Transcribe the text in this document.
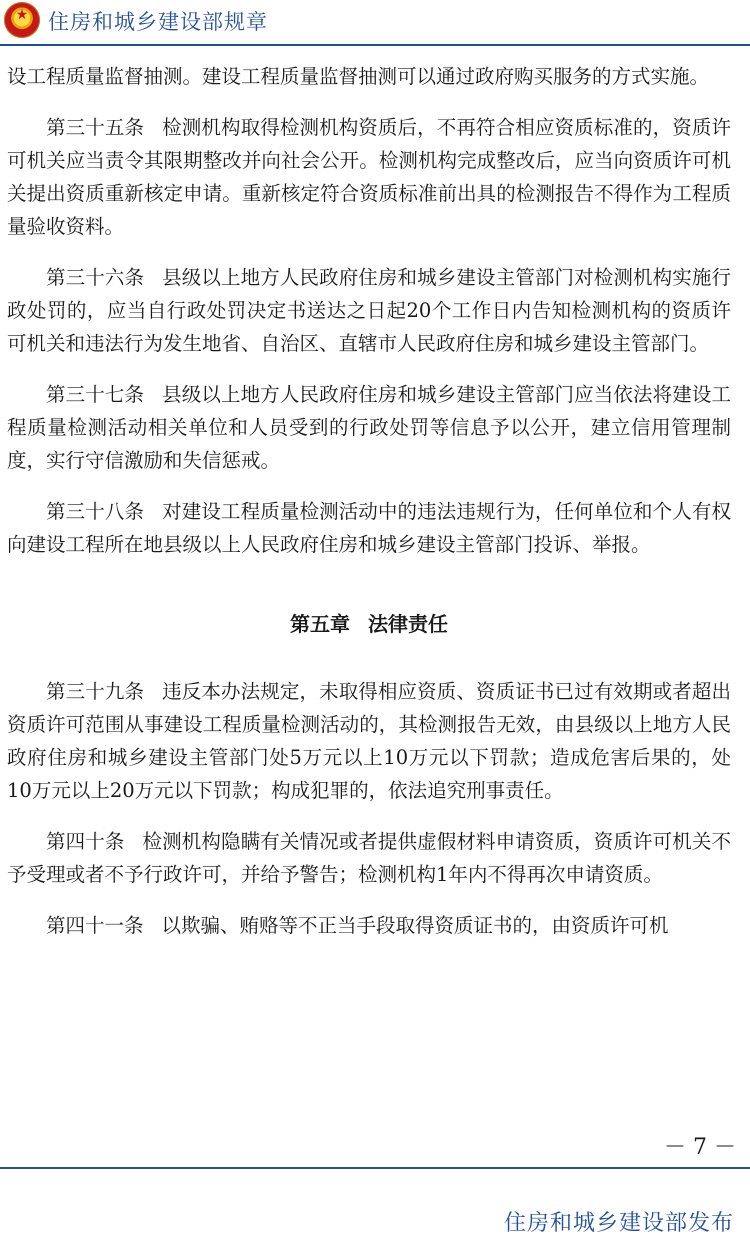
★
住房和城乡建设部规章

设工程质量监督抽测。建设工程质量监督抽测可以通过政府购买服务的方式实施。

第三十五条 检测机构取得检测机构资质后，不再符合相应资质标准的，资质许可机关应当责令其限期整改并向社会公开。检测机构完成整改后，应当向资质许可机关提出资质重新核定申请。重新核定符合资质标准前出具的检测报告不得作为工程质量验收资料。

第三十六条 县级以上地方人民政府住房和城乡建设主管部门对检测机构实施行政处罚的，应当自行政处罚决定书送达之日起20个工作日内告知检测机构的资质许可机关和违法行为发生地省、自治区、直辖市人民政府住房和城乡建设主管部门。

第三十七条 县级以上地方人民政府住房和城乡建设主管部门应当依法将建设工程质量检测活动相关单位和人员受到的行政处罚等信息予以公开，建立信用管理制度，实行守信激励和失信惩戒。

第三十八条 对建设工程质量检测活动中的违法违规行为，任何单位和个人有权向建设工程所在地县级以上人民政府住房和城乡建设主管部门投诉、举报。

第五章 法律责任

第三十九条 违反本办法规定，未取得相应资质、资质证书已过有效期或者超出资质许可范围从事建设工程质量检测活动的，其检测报告无效，由县级以上地方人民政府住房和城乡建设主管部门处5万元以上10万元以下罚款；造成危害后果的，处10万元以上20万元以下罚款；构成犯罪的，依法追究刑事责任。

第四十条 检测机构隐瞒有关情况或者提供虚假材料申请资质，资质许可机关不予受理或者不予行政许可，并给予警告；检测机构1年内不得再次申请资质。

第四十一条 以欺骗、贿赂等不正当手段取得资质证书的，由资质许可机

－ 7 －
住房和城乡建设部发布
